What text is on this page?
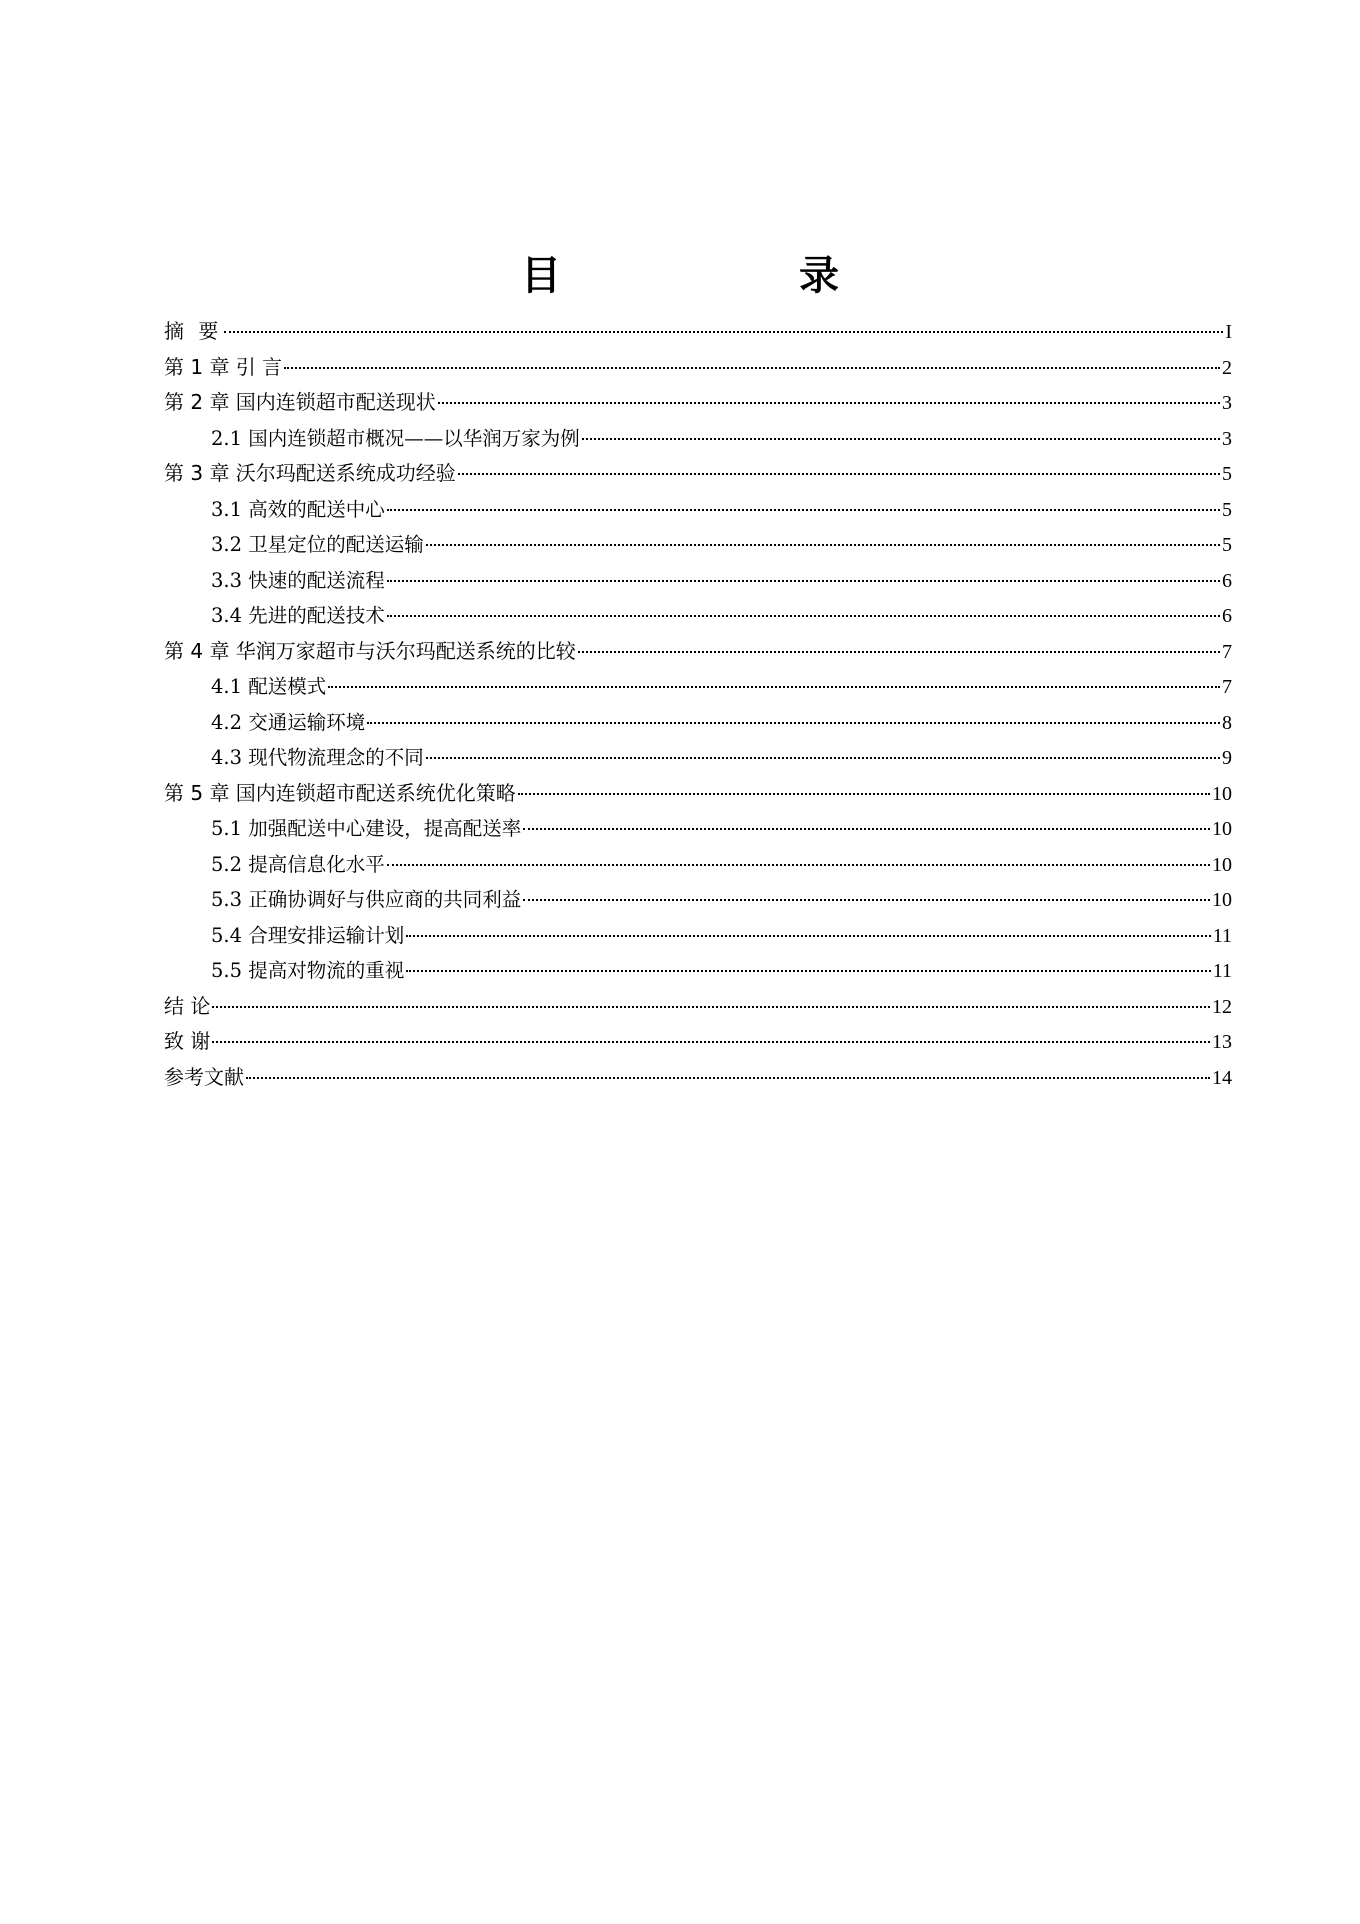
目 录
摘 要	I
第 1 章 引 言	2
第 2 章 国内连锁超市配送现状	3
2.1 国内连锁超市概况——以华润万家为例	3
第 3 章 沃尔玛配送系统成功经验	5
3.1 高效的配送中心	5
3.2 卫星定位的配送运输	5
3.3 快速的配送流程	6
3.4 先进的配送技术	6
第 4 章 华润万家超市与沃尔玛配送系统的比较	7
4.1 配送模式	7
4.2 交通运输环境	8
4.3 现代物流理念的不同	9
第 5 章 国内连锁超市配送系统优化策略	10
5.1 加强配送中心建设，提高配送率	10
5.2 提高信息化水平	10
5.3 正确协调好与供应商的共同利益	10
5.4 合理安排运输计划	11
5.5 提高对物流的重视	11
结 论	12
致 谢	13
参考文献	14
